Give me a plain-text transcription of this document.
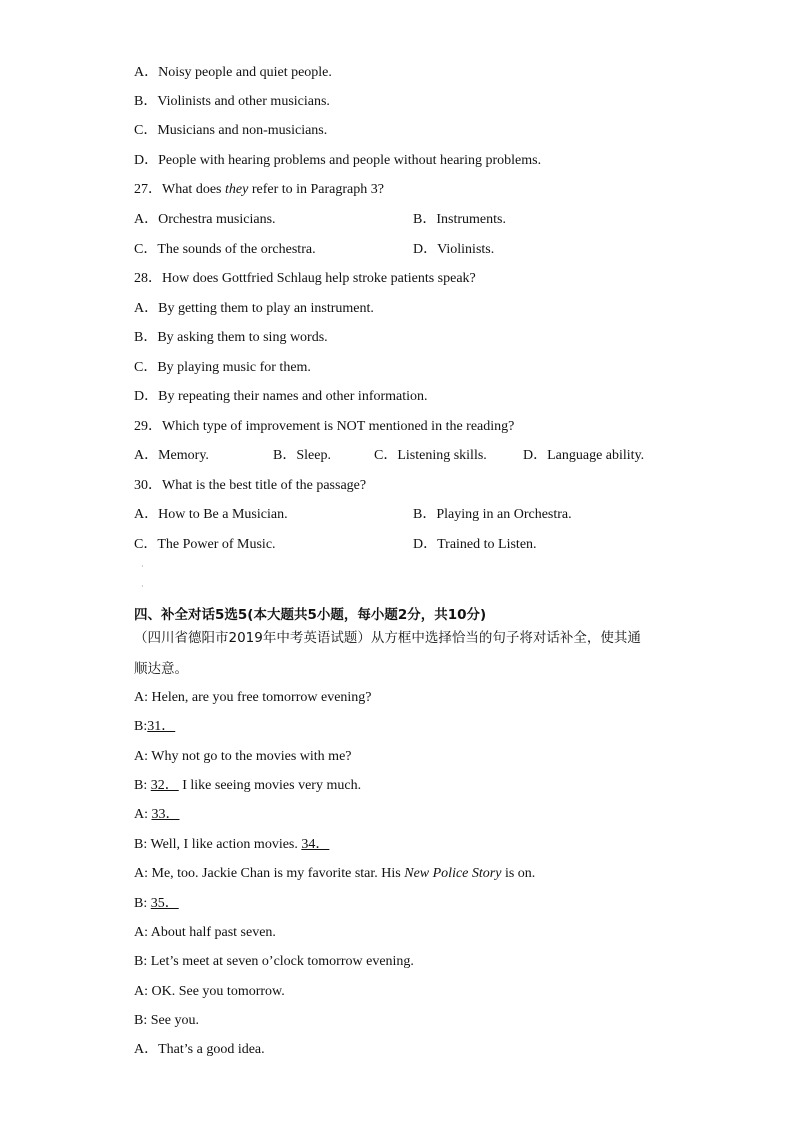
A．Noisy people and quiet people.
B．Violinists and other musicians.
C．Musicians and non-musicians.
D．People with hearing problems and people without hearing problems.
27．What does they refer to in Paragraph 3?
A．Orchestra musicians.	B．Instruments.
C．The sounds of the orchestra.	D．Violinists.
28．How does Gottfried Schlaug help stroke patients speak?
A．By getting them to play an instrument.
B．By asking them to sing words.
C．By playing music for them.
D．By repeating their names and other information.
29．Which type of improvement is NOT mentioned in the reading?
A．Memory.	B．Sleep.	C．Listening skills.	D．Language ability.
30．What is the best title of the passage?
A．How to Be a Musician.	B．Playing in an Orchestra.
C．The Power of Music.	D．Trained to Listen.
·
·
四、补全对话5选5(本大题共5小题，每小题2分，共10分)
（四川省德阳市2019年中考英语试题）从方框中选择恰当的句子将对话补全，使其通
顺达意。
A: Helen, are you free tomorrow evening?
B:31．
A: Why not go to the movies with me?
B: 32． I like seeing movies very much.
A: 33．
B: Well, I like action movies. 34．
A: Me, too. Jackie Chan is my favorite star. His New Police Story is on.
B: 35．
A: About half past seven.
B: Let’s meet at seven o’clock tomorrow evening.
A: OK. See you tomorrow.
B: See you.
A．That’s a good idea.
